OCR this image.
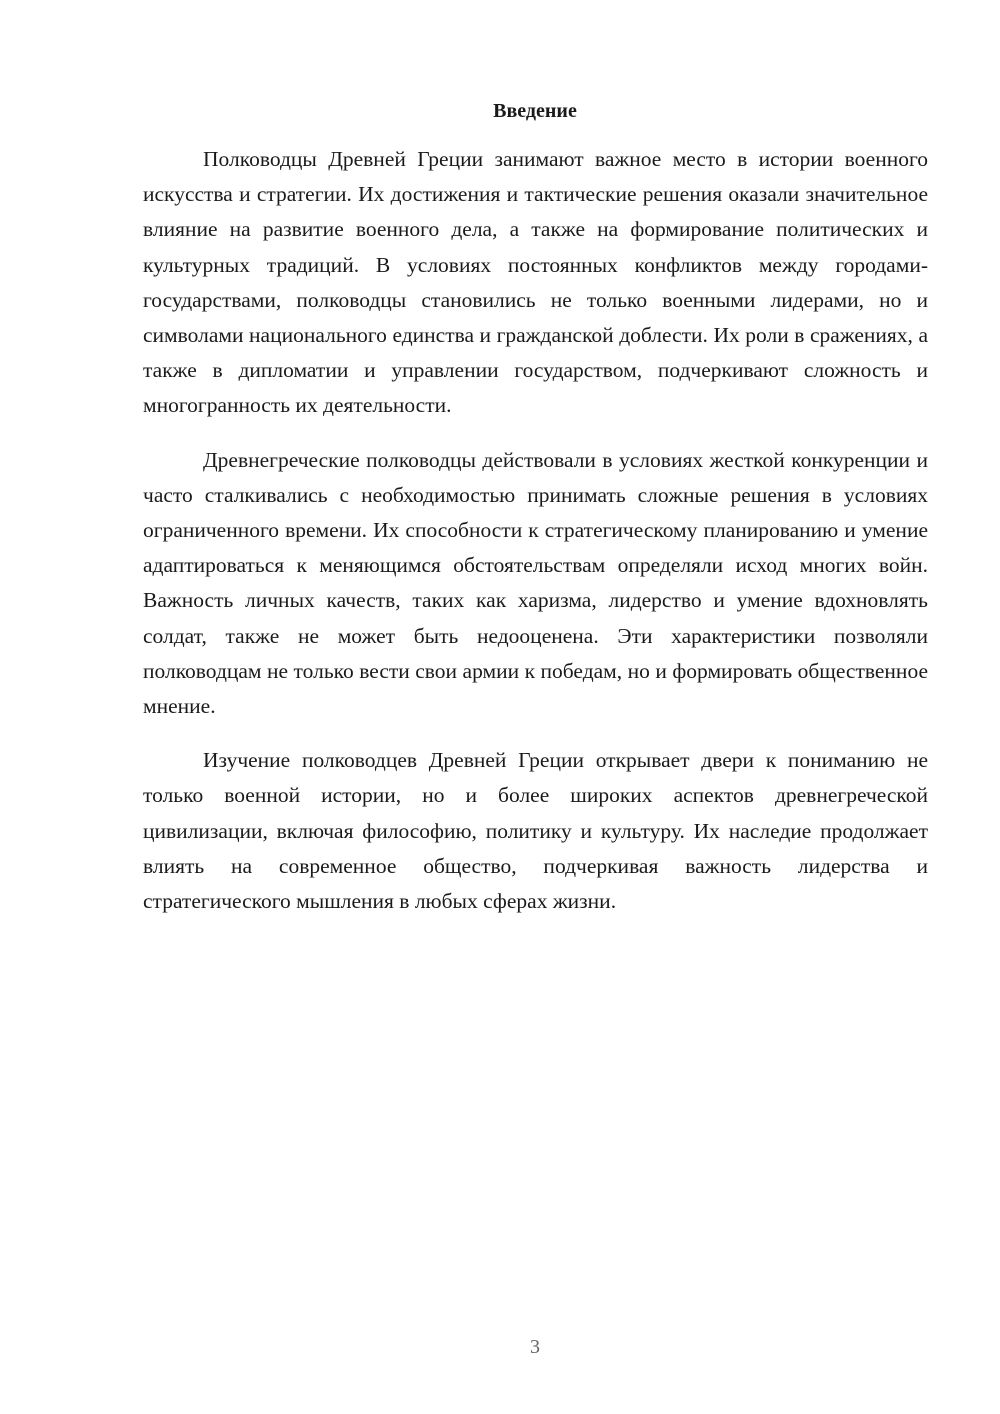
Введение

Полководцы Древней Греции занимают важное место в истории военного искусства и стратегии. Их достижения и тактические решения оказали значительное влияние на развитие военного дела, а также на формирование политических и культурных традиций. В условиях постоянных конфликтов между городами-государствами, полководцы становились не только военными лидерами, но и символами национального единства и гражданской доблести. Их роли в сражениях, а также в дипломатии и управлении государством, подчеркивают сложность и многогранность их деятельности.

Древнегреческие полководцы действовали в условиях жесткой конкуренции и часто сталкивались с необходимостью принимать сложные решения в условиях ограниченного времени. Их способности к стратегическому планированию и умение адаптироваться к меняющимся обстоятельствам определяли исход многих войн. Важность личных качеств, таких как харизма, лидерство и умение вдохновлять солдат, также не может быть недооценена. Эти характеристики позволяли полководцам не только вести свои армии к победам, но и формировать общественное мнение.

Изучение полководцев Древней Греции открывает двери к пониманию не только военной истории, но и более широких аспектов древнегреческой цивилизации, включая философию, политику и культуру. Их наследие продолжает влиять на современное общество, подчеркивая важность лидерства и стратегического мышления в любых сферах жизни.

3
